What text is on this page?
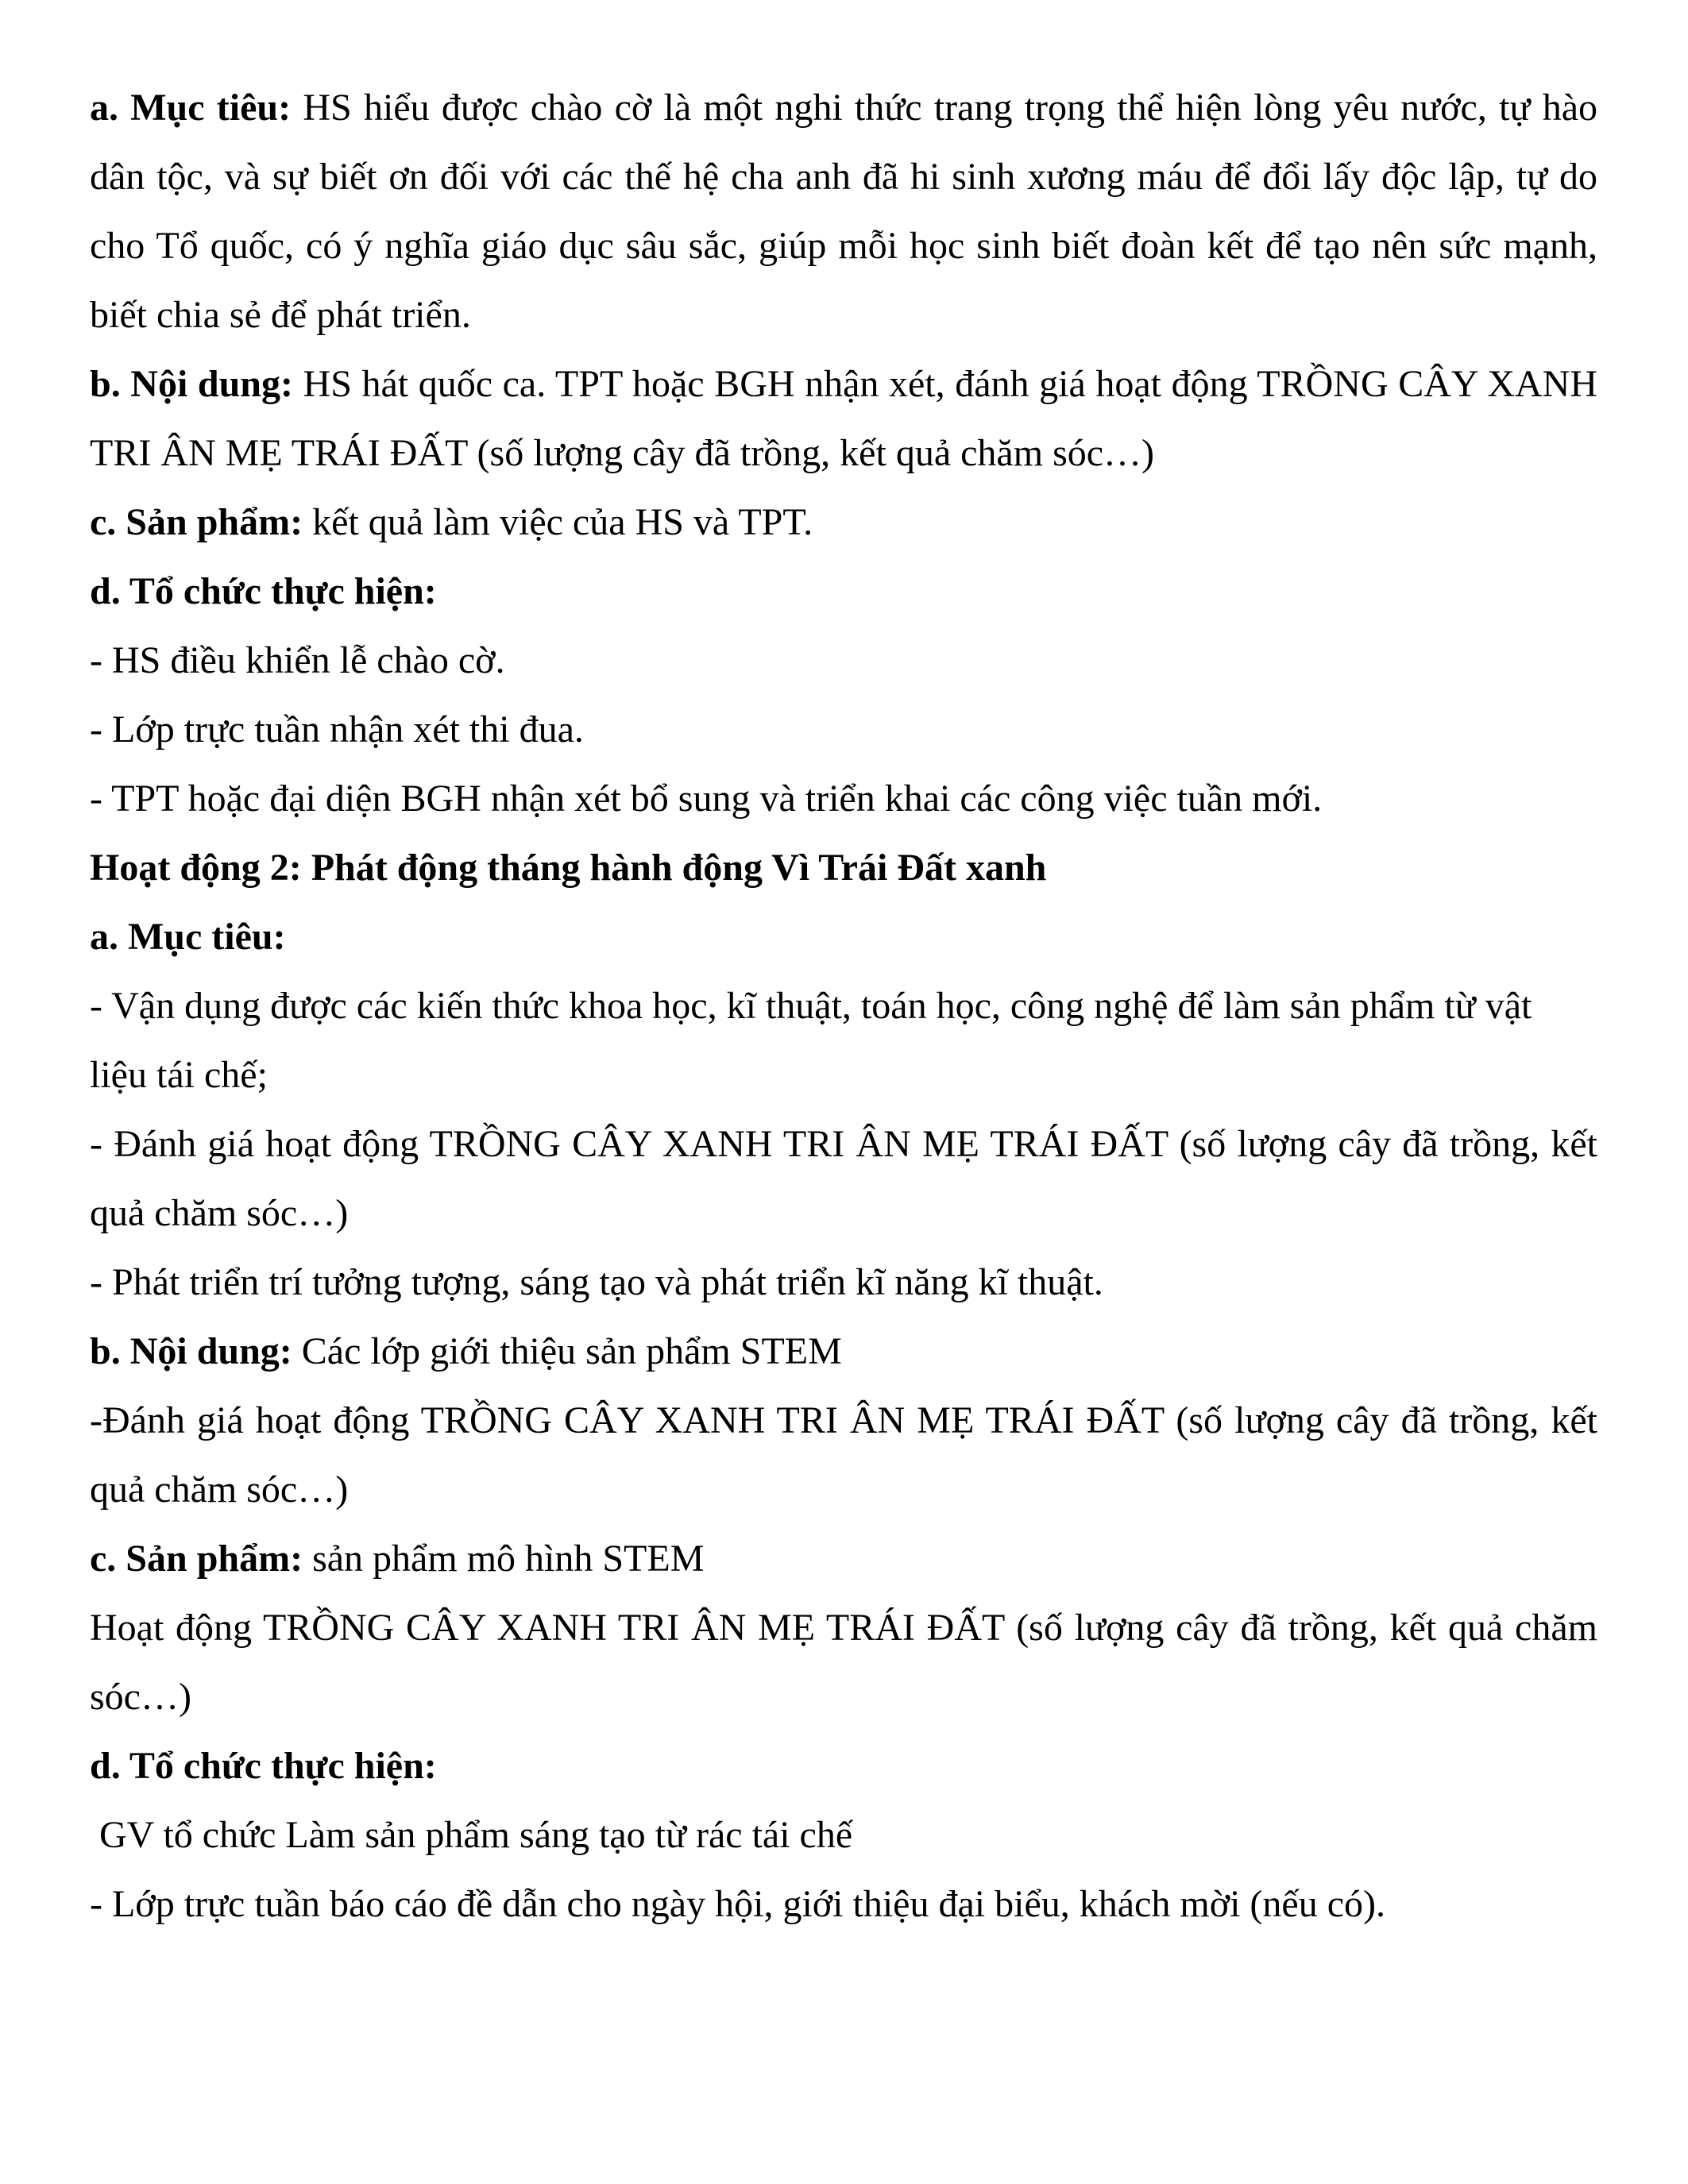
a. Mục tiêu: HS hiểu được chào cờ là một nghi thức trang trọng thể hiện lòng yêu nước, tự hào dân tộc, và sự biết ơn đối với các thế hệ cha anh đã hi sinh xương máu để đổi lấy độc lập, tự do cho Tổ quốc, có ý nghĩa giáo dục sâu sắc, giúp mỗi học sinh biết đoàn kết để tạo nên sức mạnh, biết chia sẻ để phát triển.

b. Nội dung: HS hát quốc ca. TPT hoặc BGH nhận xét, đánh giá hoạt động TRỒNG CÂY XANH TRI ÂN MẸ TRÁI ĐẤT (số lượng cây đã trồng, kết quả chăm sóc…)

c. Sản phẩm: kết quả làm việc của HS và TPT.

d. Tổ chức thực hiện:

- HS điều khiển lễ chào cờ.

- Lớp trực tuần nhận xét thi đua.

- TPT hoặc đại diện BGH nhận xét bổ sung và triển khai các công việc tuần mới.

Hoạt động 2: Phát động tháng hành động Vì Trái Đất xanh

a. Mục tiêu:

- Vận dụng được các kiến thức khoa học, kĩ thuật, toán học, công nghệ để làm sản phẩm từ vật liệu tái chế;

- Đánh giá hoạt động TRỒNG CÂY XANH TRI ÂN MẸ TRÁI ĐẤT (số lượng cây đã trồng, kết quả chăm sóc…)

- Phát triển trí tưởng tượng, sáng tạo và phát triển kĩ năng kĩ thuật.

b. Nội dung: Các lớp giới thiệu sản phẩm STEM

-Đánh giá hoạt động TRỒNG CÂY XANH TRI ÂN MẸ TRÁI ĐẤT (số lượng cây đã trồng, kết quả chăm sóc…)

c. Sản phẩm: sản phẩm mô hình STEM

Hoạt động TRỒNG CÂY XANH TRI ÂN MẸ TRÁI ĐẤT (số lượng cây đã trồng, kết quả chăm sóc…)

d. Tổ chức thực hiện:

GV tổ chức Làm sản phẩm sáng tạo từ rác tái chế

- Lớp trực tuần báo cáo đề dẫn cho ngày hội, giới thiệu đại biểu, khách mời (nếu có).
